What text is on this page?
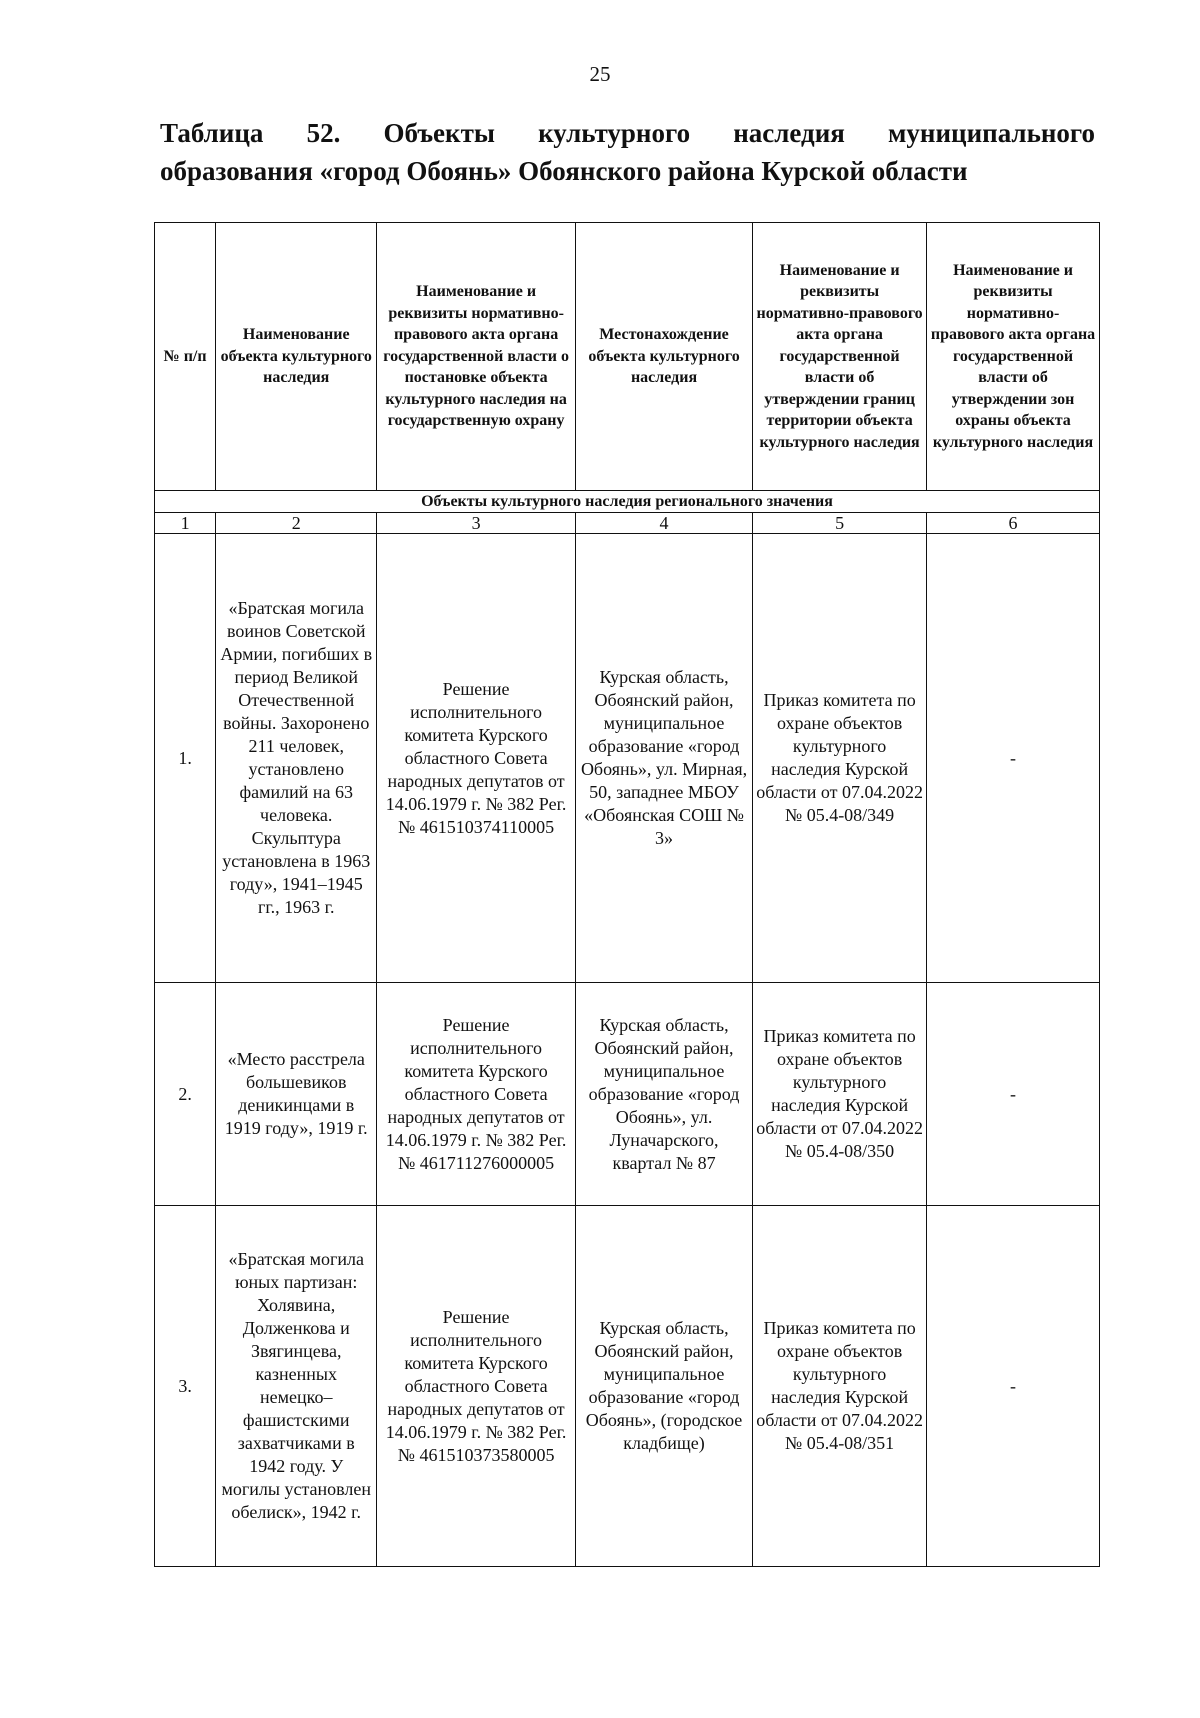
25
Таблица 52. Объекты культурного наследия муниципального
образования «город Обоянь» Обоянского района Курской области
№ п/п	Наименование объекта культурного наследия	Наименование и реквизиты нормативно-правового акта органа государственной власти о постановке объекта культурного наследия на государственную охрану	Местонахождение объекта культурного наследия	Наименование и реквизиты нормативно-правового акта органа государственной власти об утверждении границ территории объекта культурного наследия	Наименование и реквизиты нормативно-правового акта органа государственной власти об утверждении зон охраны объекта культурного наследия
Объекты культурного наследия регионального значения					
1	2	3	4	5	6
1.	«Братская могила воинов Советской Армии, погибших в период Великой Отечественной войны. Захоронено 211 человек, установлено фамилий на 63 человека. Скульптура установлена в 1963 году», 1941–1945 гг., 1963 г.	Решение исполнительного комитета Курского областного Совета народных депутатов от 14.06.1979 г. № 382 Рег. № 461510374110005	Курская область, Обоянский район, муниципальное образование «город Обоянь», ул. Мирная, 50, западнее МБОУ «Обоянская СОШ № 3»	Приказ комитета по охране объектов культурного наследия Курской области от 07.04.2022 № 05.4-08/349	-
2.	«Место расстрела большевиков деникинцами в 1919 году», 1919 г.	Решение исполнительного комитета Курского областного Совета народных депутатов от 14.06.1979 г. № 382 Рег. № 461711276000005	Курская область, Обоянский район, муниципальное образование «город Обоянь», ул. Луначарского, квартал № 87	Приказ комитета по охране объектов культурного наследия Курской области от 07.04.2022 № 05.4-08/350	-
3.	«Братская могила юных партизан: Холявина, Долженкова и Звягинцева, казненных немецко–фашистскими захватчиками в 1942 году. У могилы установлен обелиск», 1942 г.	Решение исполнительного комитета Курского областного Совета народных депутатов от 14.06.1979 г. № 382 Рег. № 461510373580005	Курская область, Обоянский район, муниципальное образование «город Обоянь», (городское кладбище)	Приказ комитета по охране объектов культурного наследия Курской области от 07.04.2022 № 05.4-08/351	-
